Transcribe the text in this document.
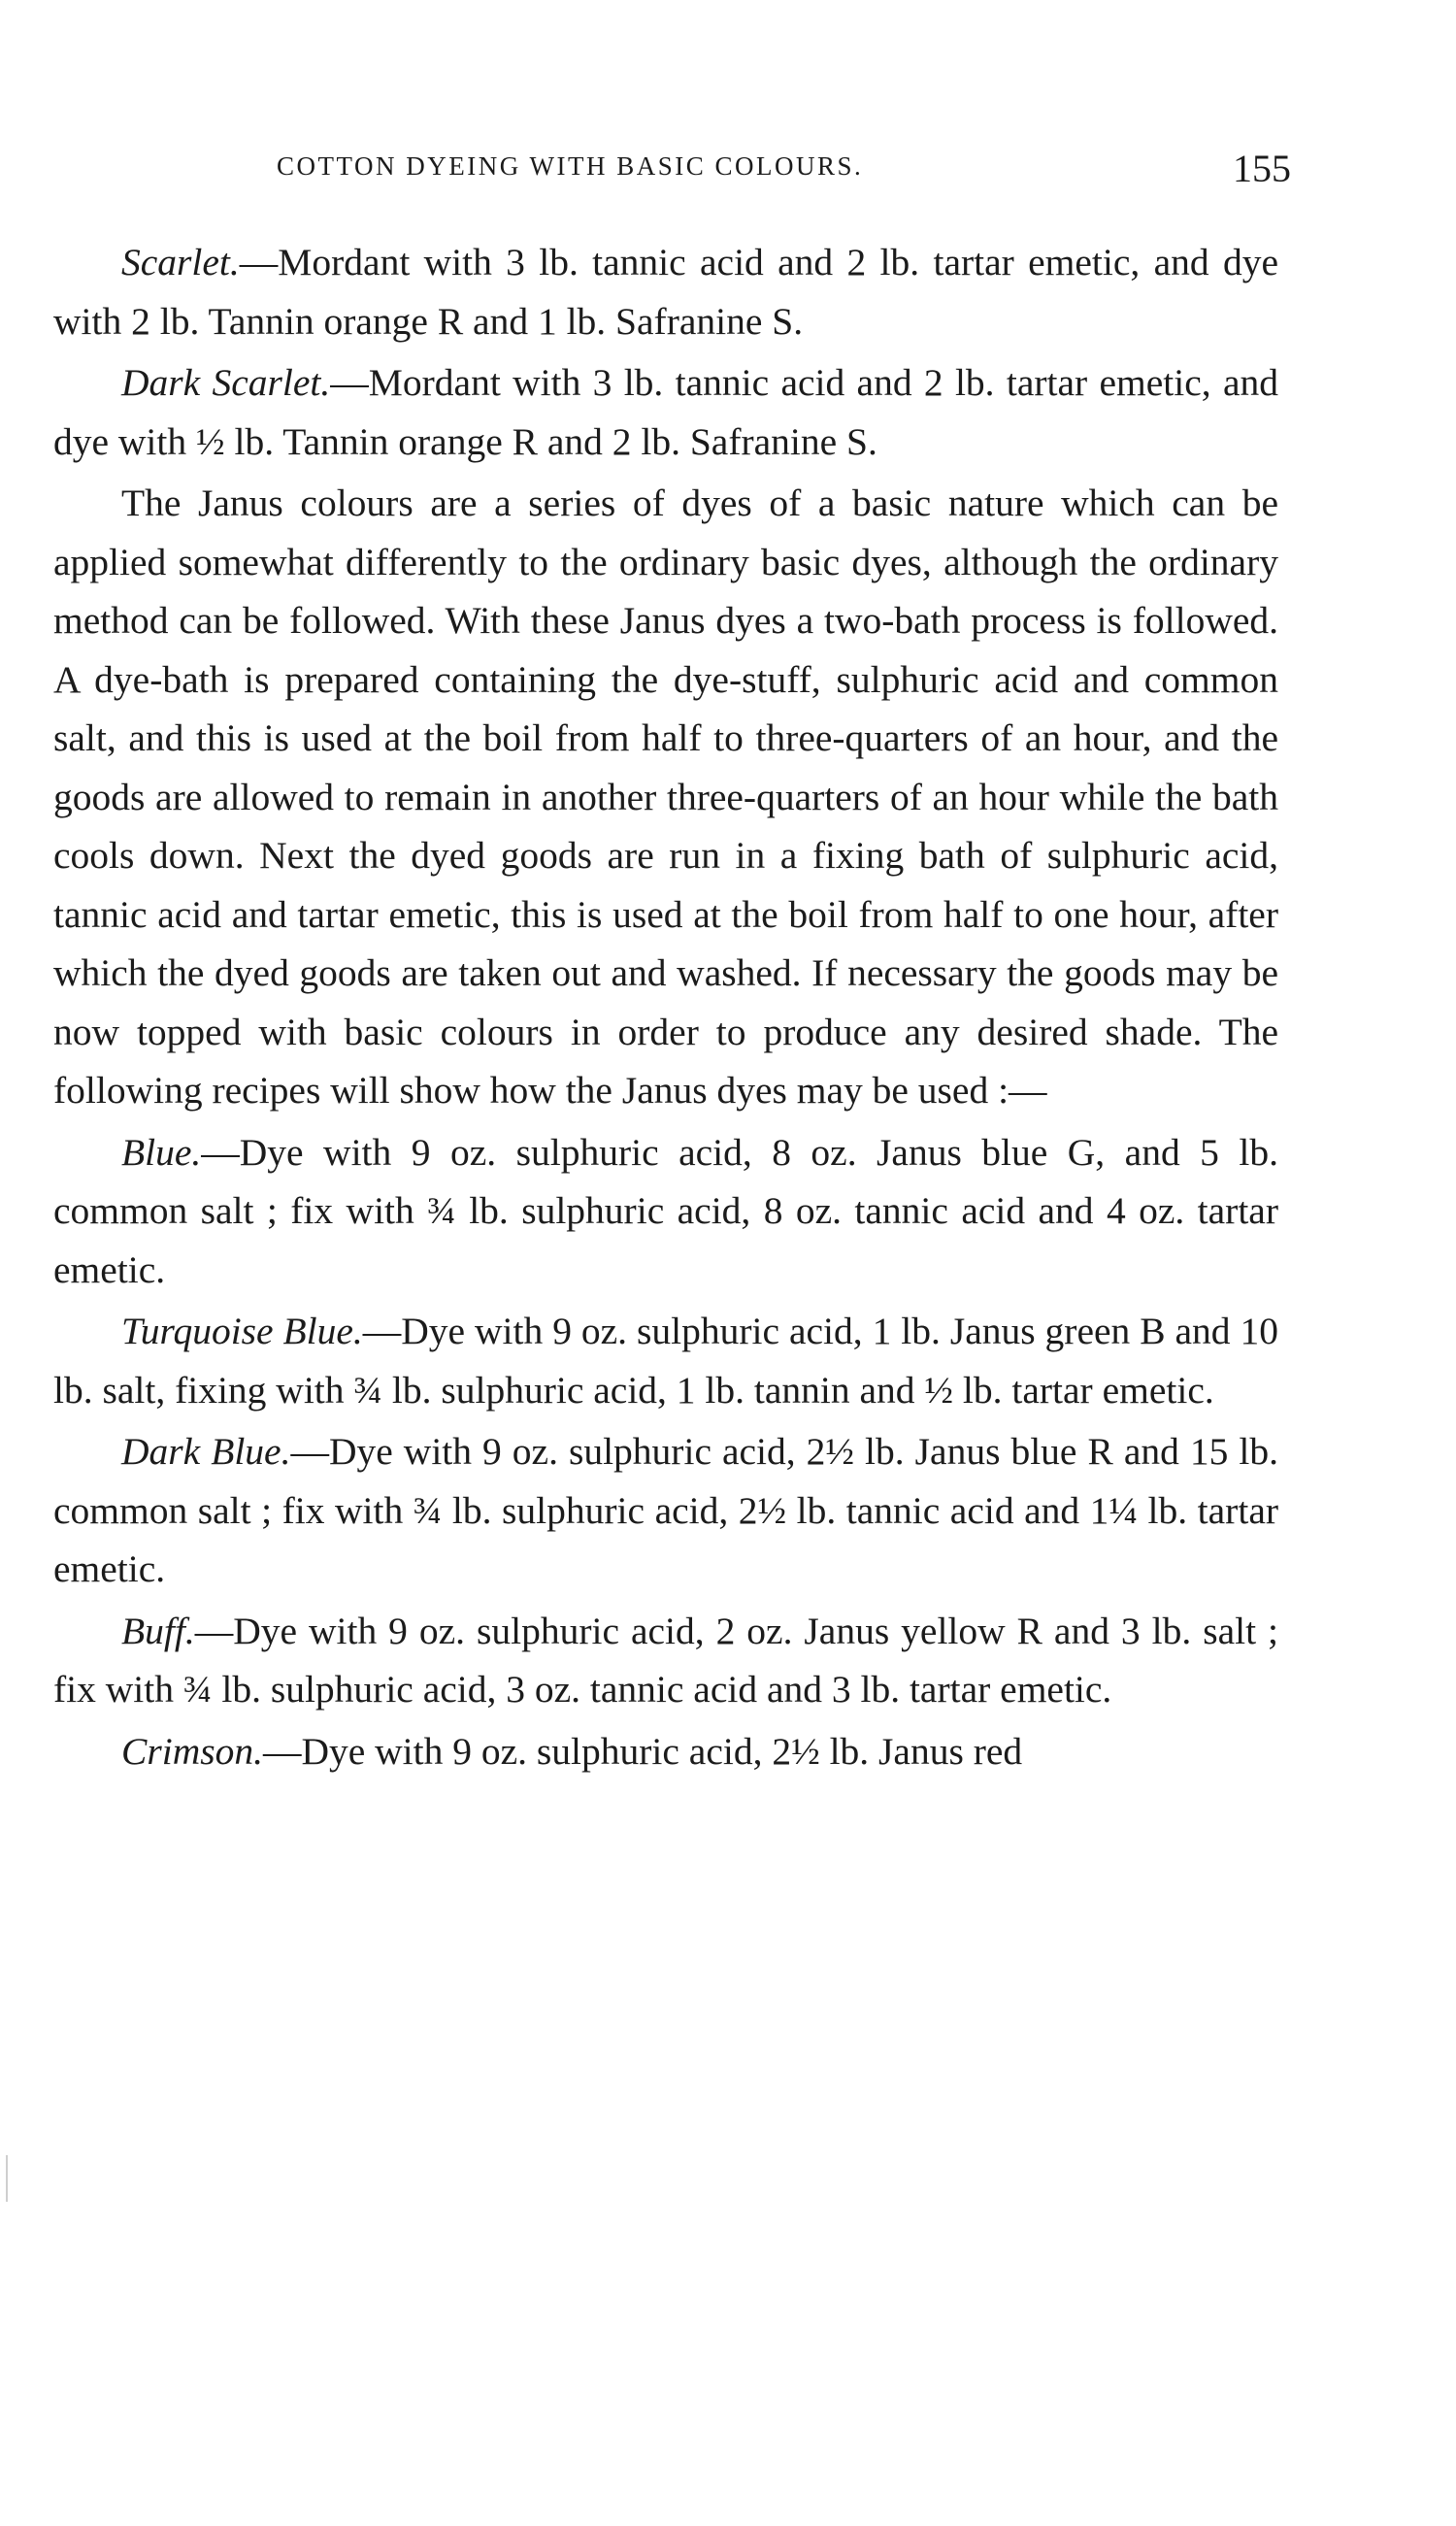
COTTON DYEING WITH BASIC COLOURS.	155

Scarlet.—Mordant with 3 lb. tannic acid and 2 lb. tartar emetic, and dye with 2 lb. Tannin orange R and 1 lb. Safranine S.

Dark Scarlet.—Mordant with 3 lb. tannic acid and 2 lb. tartar emetic, and dye with ½ lb. Tannin orange R and 2 lb. Safranine S.

The Janus colours are a series of dyes of a basic nature which can be applied somewhat differently to the ordinary basic dyes, although the ordinary method can be followed. With these Janus dyes a two-bath process is followed. A dye-bath is prepared containing the dye-stuff, sulphuric acid and common salt, and this is used at the boil from half to three-quarters of an hour, and the goods are allowed to remain in another three-quarters of an hour while the bath cools down. Next the dyed goods are run in a fixing bath of sulphuric acid, tannic acid and tartar emetic, this is used at the boil from half to one hour, after which the dyed goods are taken out and washed. If necessary the goods may be now topped with basic colours in order to produce any desired shade. The following recipes will show how the Janus dyes may be used :—

Blue.—Dye with 9 oz. sulphuric acid, 8 oz. Janus blue G, and 5 lb. common salt ; fix with ¾ lb. sulphuric acid, 8 oz. tannic acid and 4 oz. tartar emetic.

Turquoise Blue.—Dye with 9 oz. sulphuric acid, 1 lb. Janus green B and 10 lb. salt, fixing with ¾ lb. sulphuric acid, 1 lb. tannin and ½ lb. tartar emetic.

Dark Blue.—Dye with 9 oz. sulphuric acid, 2½ lb. Janus blue R and 15 lb. common salt ; fix with ¾ lb. sulphuric acid, 2½ lb. tannic acid and 1¼ lb. tartar emetic.

Buff.—Dye with 9 oz. sulphuric acid, 2 oz. Janus yellow R and 3 lb. salt ; fix with ¾ lb. sulphuric acid, 3 oz. tannic acid and 3 lb. tartar emetic.

Crimson.—Dye with 9 oz. sulphuric acid, 2½ lb. Janus red
